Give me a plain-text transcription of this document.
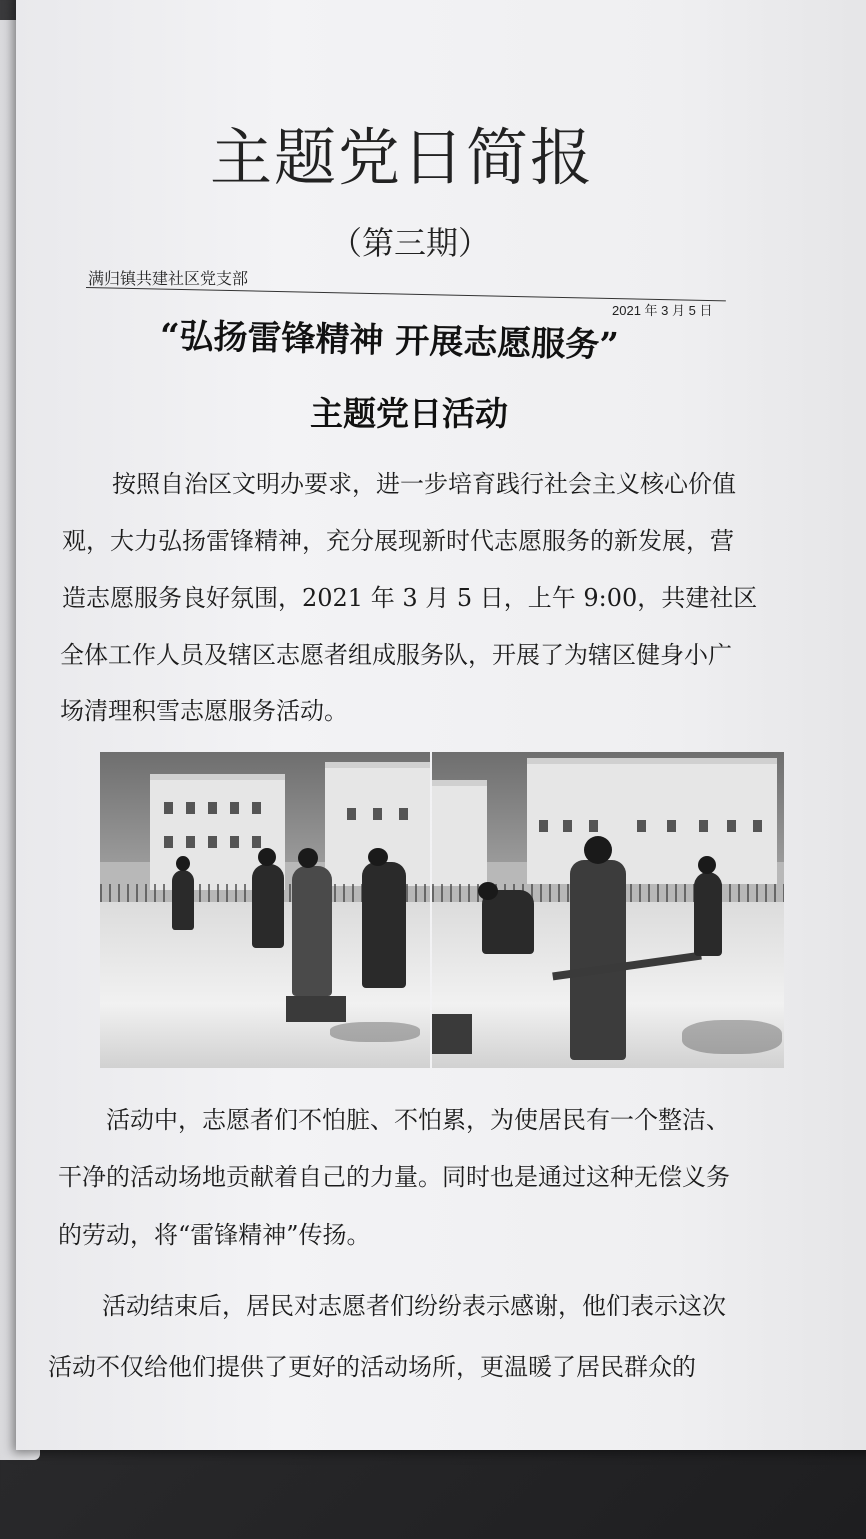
主题党日简报
（第三期）
满归镇共建社区党支部
2021 年 3 月 5 日
“弘扬雷锋精神 开展志愿服务”
主题党日活动
按照自治区文明办要求，进一步培育践行社会主义核心价值
观，大力弘扬雷锋精神，充分展现新时代志愿服务的新发展，营
造志愿服务良好氛围，2021 年 3 月 5 日，上午 9:00，共建社区
全体工作人员及辖区志愿者组成服务队，开展了为辖区健身小广
场清理积雪志愿服务活动。
活动中，志愿者们不怕脏、不怕累，为使居民有一个整洁、
干净的活动场地贡献着自己的力量。同时也是通过这种无偿义务
的劳动，将“雷锋精神”传扬。
活动结束后，居民对志愿者们纷纷表示感谢，他们表示这次
活动不仅给他们提供了更好的活动场所，更温暖了居民群众的
